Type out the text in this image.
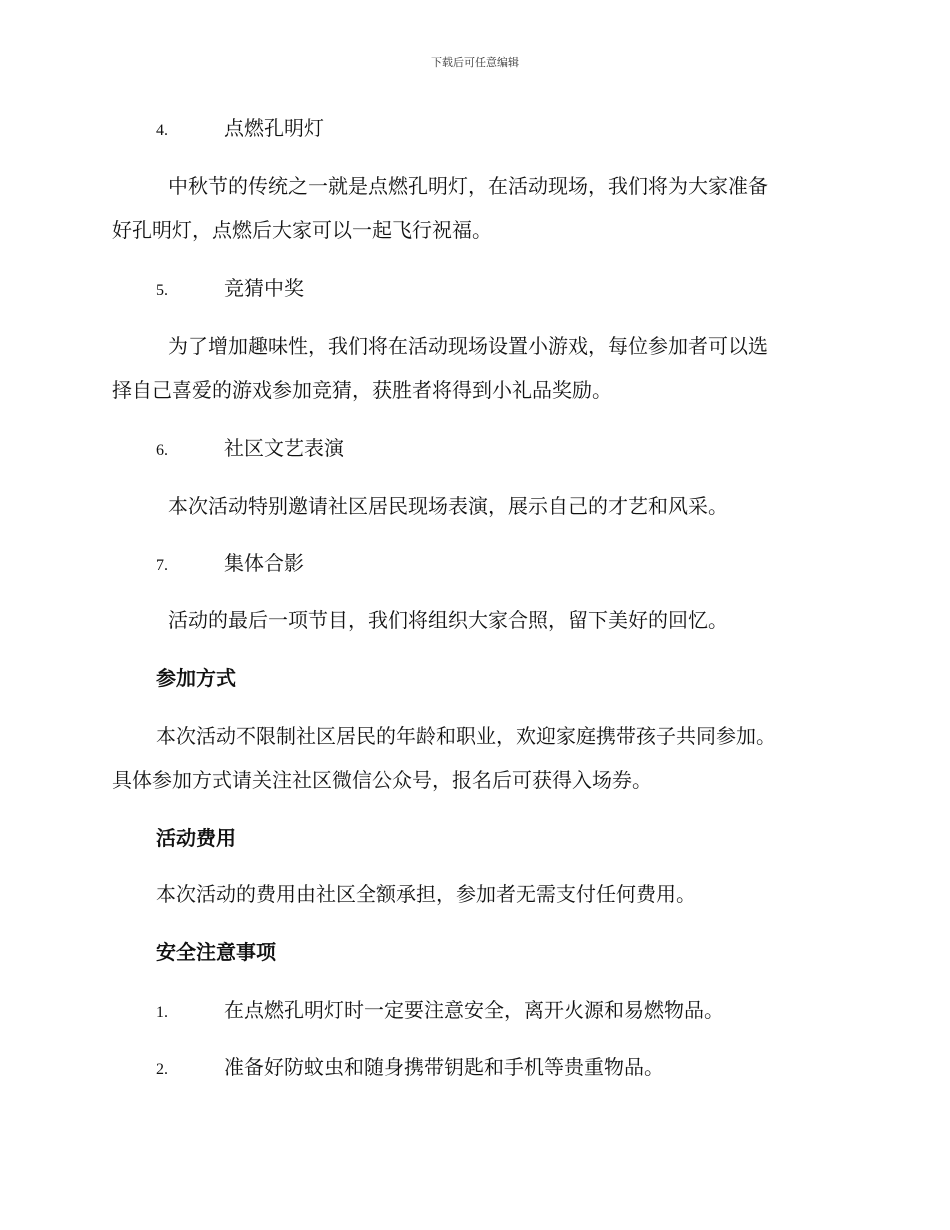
下载后可任意编辑
4.	点燃孔明灯
中秋节的传统之一就是点燃孔明灯，在活动现场，我们将为大家准备
好孔明灯，点燃后大家可以一起飞行祝福。
5.	竞猜中奖
为了增加趣味性，我们将在活动现场设置小游戏，每位参加者可以选
择自己喜爱的游戏参加竞猜，获胜者将得到小礼品奖励。
6.	社区文艺表演
本次活动特别邀请社区居民现场表演，展示自己的才艺和风采。
7.	集体合影
活动的最后一项节目，我们将组织大家合照，留下美好的回忆。
参加方式
本次活动不限制社区居民的年龄和职业，欢迎家庭携带孩子共同参加。
具体参加方式请关注社区微信公众号，报名后可获得入场券。
活动费用
本次活动的费用由社区全额承担，参加者无需支付任何费用。
安全注意事项
1.	在点燃孔明灯时一定要注意安全，离开火源和易燃物品。
2.	准备好防蚊虫和随身携带钥匙和手机等贵重物品。
